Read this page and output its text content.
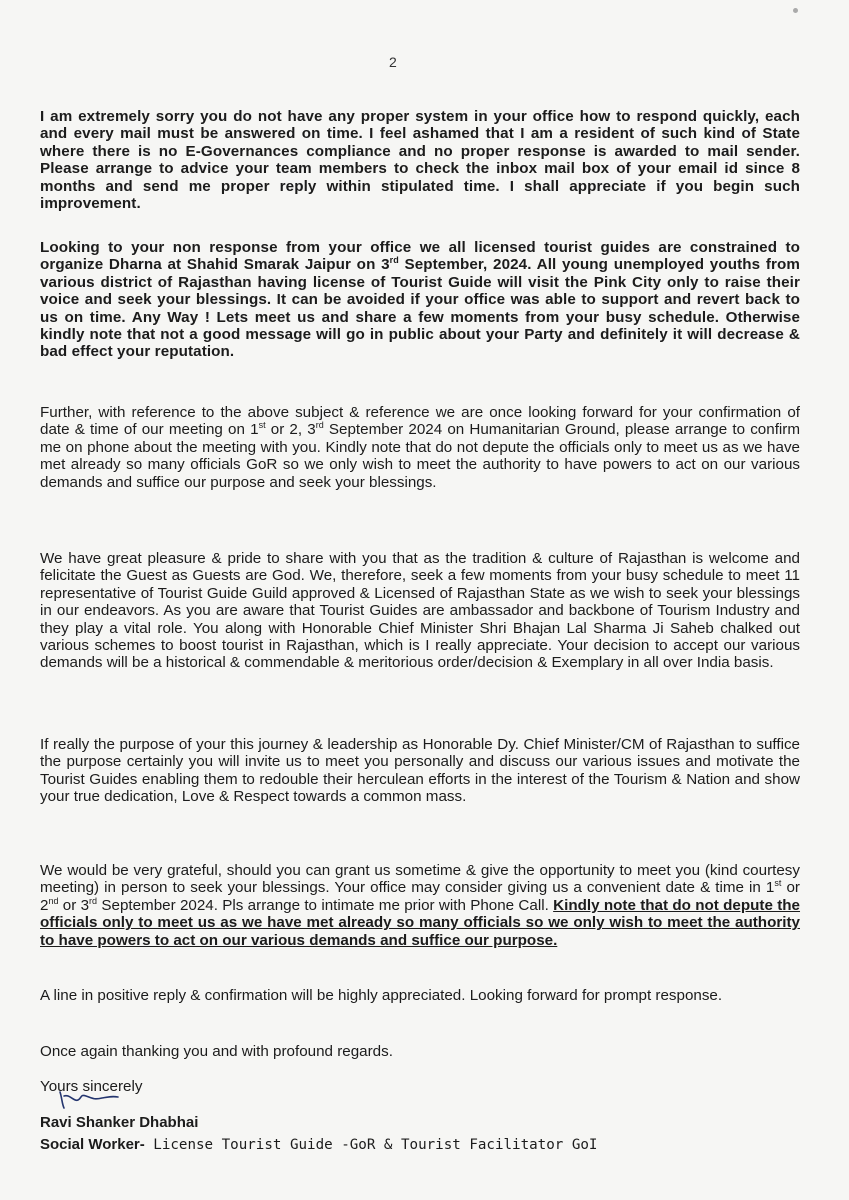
2

I am extremely sorry you do not have any proper system in your office how to respond quickly, each and every mail must be answered on time. I feel ashamed that I am a resident of such kind of State where there is no E-Governances compliance and no proper response is awarded to mail sender. Please arrange to advice your team members to check the inbox mail box of your email id since 8 months and send me proper reply within stipulated time. I shall appreciate if you begin such improvement.

Looking to your non response from your office we all licensed tourist guides are constrained to organize Dharna at Shahid Smarak Jaipur on 3rd September, 2024. All young unemployed youths from various district of Rajasthan having license of Tourist Guide will visit the Pink City only to raise their voice and seek your blessings. It can be avoided if your office was able to support and revert back to us on time. Any Way ! Lets meet us and share a few moments from your busy schedule. Otherwise kindly note that not a good message will go in public about your Party and definitely it will decrease & bad effect your reputation.

Further, with reference to the above subject & reference we are once looking forward for your confirmation of date & time of our meeting on 1st or 2, 3rd September 2024 on Humanitarian Ground, please arrange to confirm me on phone about the meeting with you. Kindly note that do not depute the officials only to meet us as we have met already so many officials GoR so we only wish to meet the authority to have powers to act on our various demands and suffice our purpose and seek your blessings.

We have great pleasure & pride to share with you that as the tradition & culture of Rajasthan is welcome and felicitate the Guest as Guests are God. We, therefore, seek a few moments from your busy schedule to meet 11 representative of Tourist Guide Guild approved & Licensed of Rajasthan State as we wish to seek your blessings in our endeavors. As you are aware that Tourist Guides are ambassador and backbone of Tourism Industry and they play a vital role. You along with Honorable Chief Minister Shri Bhajan Lal Sharma Ji Saheb chalked out various schemes to boost tourist in Rajasthan, which is I really appreciate. Your decision to accept our various demands will be a historical & commendable & meritorious order/decision & Exemplary in all over India basis.

If really the purpose of your this journey & leadership as Honorable Dy. Chief Minister/CM of Rajasthan to suffice the purpose certainly you will invite us to meet you personally and discuss our various issues and motivate the Tourist Guides enabling them to redouble their herculean efforts in the interest of the Tourism & Nation and show your true dedication, Love & Respect towards a common mass.

We would be very grateful, should you can grant us sometime & give the opportunity to meet you (kind courtesy meeting) in person to seek your blessings. Your office may consider giving us a convenient date & time in 1st or 2nd or 3rd September 2024. Pls arrange to intimate me prior with Phone Call. Kindly note that do not depute the officials only to meet us as we have met already so many officials so we only wish to meet the authority to have powers to act on our various demands and suffice our purpose.

A line in positive reply & confirmation will be highly appreciated. Looking forward for prompt response.

Once again thanking you and with profound regards.
Yours sincerely
Ravi Shanker Dhabhai
Social Worker- License Tourist Guide -GoR & Tourist Facilitator GoI
